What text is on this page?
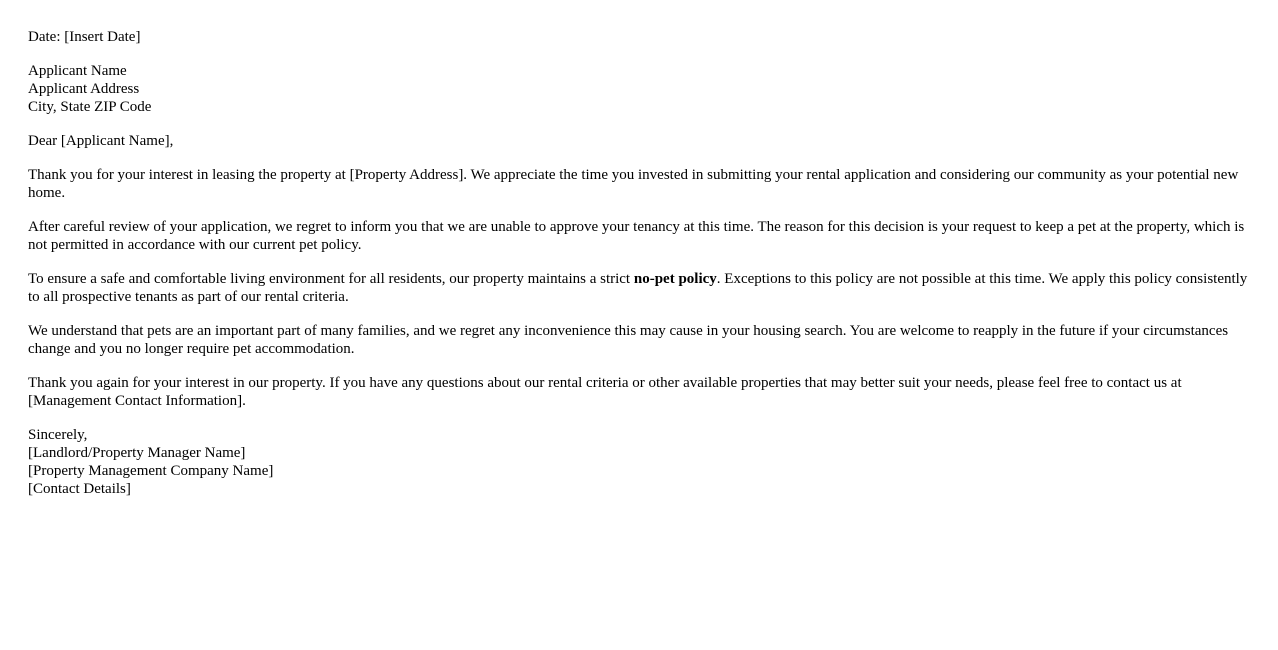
Date: [Insert Date]
Applicant Name
Applicant Address
City, State ZIP Code
Dear [Applicant Name],

Thank you for your interest in leasing the property at [Property Address]. We appreciate the time you invested in submitting your rental application and considering our community as your potential new home.

After careful review of your application, we regret to inform you that we are unable to approve your tenancy at this time. The reason for this decision is your request to keep a pet at the property, which is not permitted in accordance with our current pet policy.

To ensure a safe and comfortable living environment for all residents, our property maintains a strict no-pet policy. Exceptions to this policy are not possible at this time. We apply this policy consistently to all prospective tenants as part of our rental criteria.

We understand that pets are an important part of many families, and we regret any inconvenience this may cause in your housing search. You are welcome to reapply in the future if your circumstances change and you no longer require pet accommodation.

Thank you again for your interest in our property. If you have any questions about our rental criteria or other available properties that may better suit your needs, please feel free to contact us at [Management Contact Information].

Sincerely,
[Landlord/Property Manager Name]
[Property Management Company Name]
[Contact Details]
